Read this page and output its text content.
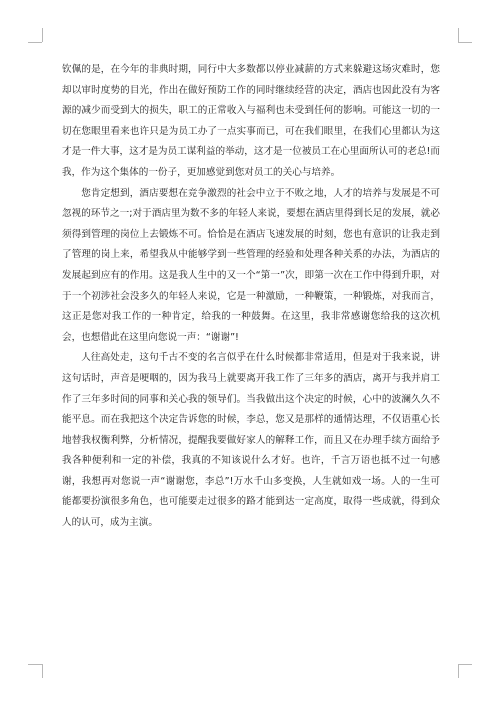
钦佩的是，在今年的非典时期，同行中大多数都以停业减薪的方式来躲避这场灾难时，您却以审时度势的目光，作出在做好预防工作的同时继续经营的决定，酒店也因此没有为客源的减少而受到大的损失，职工的正常收入与福利也未受到任何的影响。可能这一切的一切在您眼里看来也许只是为员工办了一点实事而已，可在我们眼里，在我们心里都认为这才是一件大事，这才是为员工谋利益的举动，这才是一位被员工在心里面所认可的老总!而我，作为这个集体的一份子，更加感觉到您对员工的关心与培养。

您肯定想到，酒店要想在竞争激烈的社会中立于不败之地，人才的培养与发展是不可忽视的环节之一;对于酒店里为数不多的年轻人来说，要想在酒店里得到长足的发展，就必须得到管理的岗位上去锻炼不可。恰恰是在酒店飞速发展的时刻，您也有意识的让我走到了管理的岗上来，希望我从中能够学到一些管理的经验和处理各种关系的办法，为酒店的发展起到应有的作用。这是我人生中的又一个“第一”次，即第一次在工作中得到升职，对于一个初涉社会没多久的年轻人来说，它是一种激励，一种鞭策，一种锻炼，对我而言，这正是您对我工作的一种肯定，给我的一种鼓舞。在这里，我非常感谢您给我的这次机会，也想借此在这里向您说一声：“谢谢”!

人往高处走，这句千古不变的名言似乎在什么时候都非常适用，但是对于我来说，讲这句话时，声音是哽咽的，因为我马上就要离开我工作了三年多的酒店，离开与我并肩工作了三年多时间的同事和关心我的领导们。当我做出这个决定的时候，心中的波澜久久不能平息。而在我把这个决定告诉您的时候，李总，您又是那样的通情达理，不仅语重心长地替我权衡利弊，分析情况，提醒我要做好家人的解释工作，而且又在办理手续方面给予我各种便利和一定的补偿，我真的不知该说什么才好。也许，千言万语也抵不过一句感谢，我想再对您说一声“谢谢您，李总”!万水千山多变换，人生就如戏一场。人的一生可能都要扮演很多角色，也可能要走过很多的路才能到达一定高度，取得一些成就，得到众人的认可，成为主演。
